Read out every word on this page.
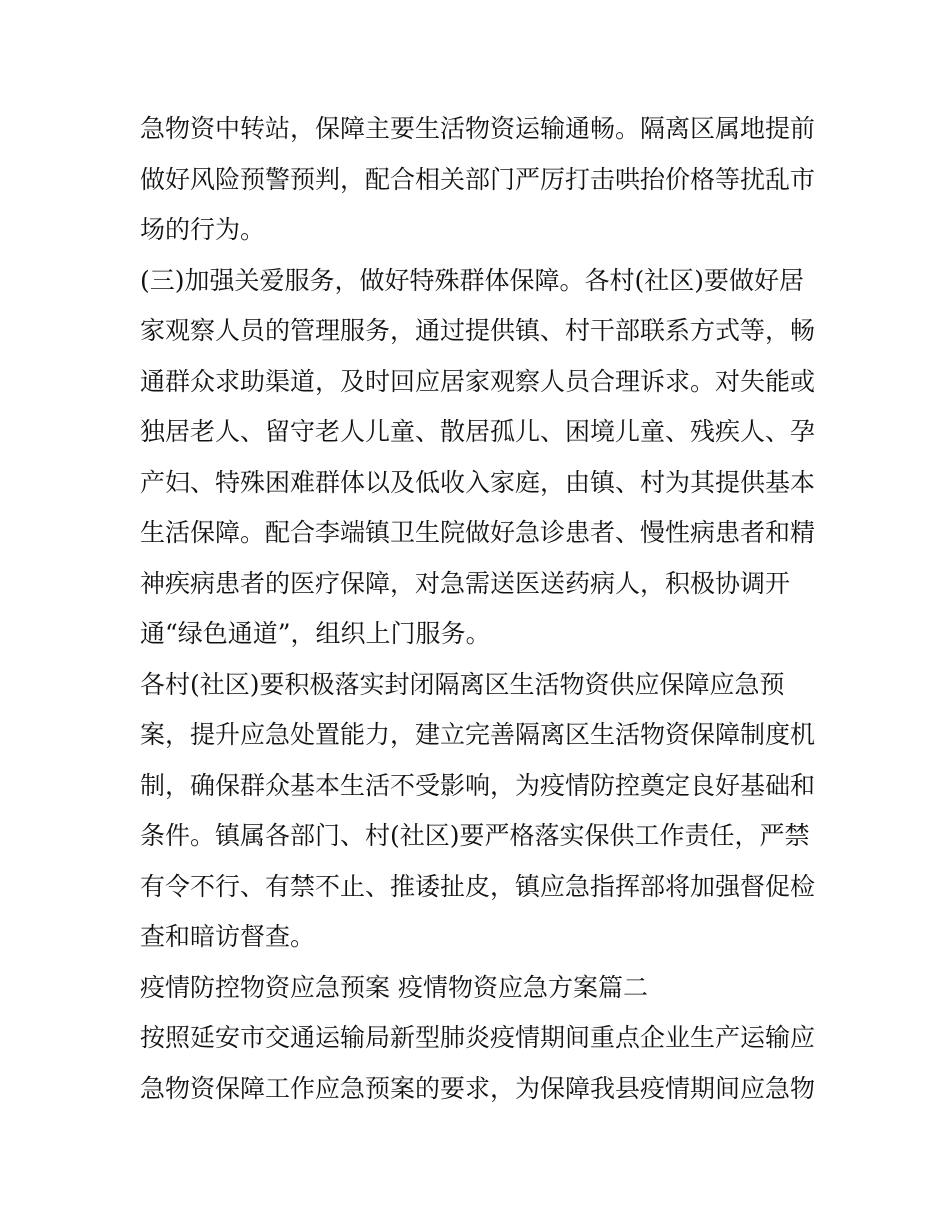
急物资中转站，保障主要生活物资运输通畅。隔离区属地提前
做好风险预警预判，配合相关部门严厉打击哄抬价格等扰乱市
场的行为。
(三)加强关爱服务，做好特殊群体保障。各村(社区)要做好居
家观察人员的管理服务，通过提供镇、村干部联系方式等，畅
通群众求助渠道，及时回应居家观察人员合理诉求。对失能或
独居老人、留守老人儿童、散居孤儿、困境儿童、残疾人、孕
产妇、特殊困难群体以及低收入家庭，由镇、村为其提供基本
生活保障。配合李端镇卫生院做好急诊患者、慢性病患者和精
神疾病患者的医疗保障，对急需送医送药病人，积极协调开
通“绿色通道”，组织上门服务。
各村(社区)要积极落实封闭隔离区生活物资供应保障应急预
案，提升应急处置能力，建立完善隔离区生活物资保障制度机
制，确保群众基本生活不受影响，为疫情防控奠定良好基础和
条件。镇属各部门、村(社区)要严格落实保供工作责任，严禁
有令不行、有禁不止、推诿扯皮，镇应急指挥部将加强督促检
查和暗访督查。
疫情防控物资应急预案 疫情物资应急方案篇二
按照延安市交通运输局新型肺炎疫情期间重点企业生产运输应
急物资保障工作应急预案的要求，为保障我县疫情期间应急物
